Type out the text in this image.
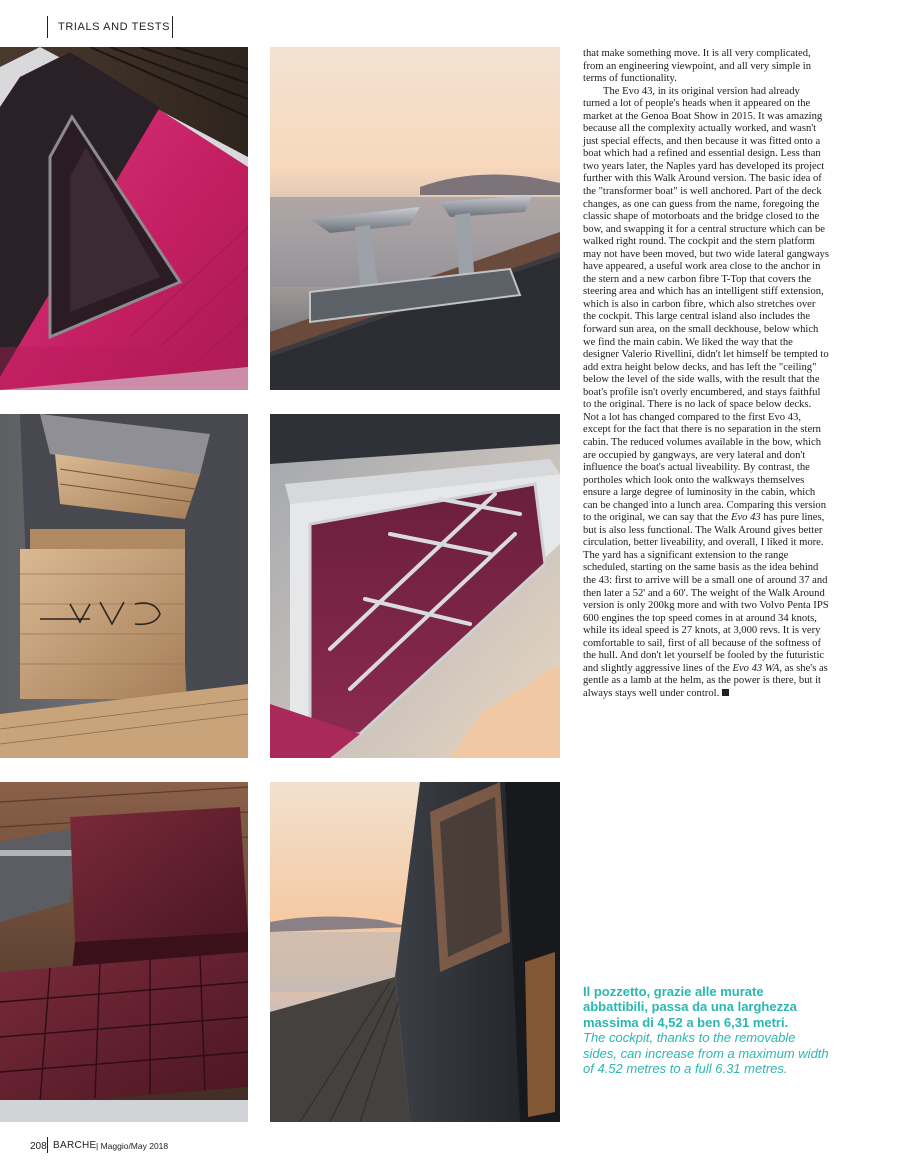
TRIALS AND TESTS

that make something move. It is all very complicated, from an engineering viewpoint, and all very simple in terms of functionality.

The Evo 43, in its original version had already turned a lot of people's heads when it appeared on the market at the Genoa Boat Show in 2015. It was amazing because all the complexity actually worked, and wasn't just special effects, and then because it was fitted onto a boat which had a refined and essential design. Less than two years later, the Naples yard has developed its project further with this Walk Around version. The basic idea of the "transformer boat" is well anchored. Part of the deck changes, as one can guess from the name, foregoing the classic shape of motorboats and the bridge closed to the bow, and swapping it for a central structure which can be walked right round. The cockpit and the stern platform may not have been moved, but two wide lateral gangways have appeared, a useful work area close to the anchor in the stern and a new carbon fibre T-Top that covers the steering area and which has an intelligent stiff extension, which is also in carbon fibre, which also stretches over the cockpit. This large central island also includes the forward sun area, on the small deckhouse, below which we find the main cabin. We liked the way that the designer Valerio Rivellini, didn't let himself be tempted to add extra height below decks, and has left the "ceiling" below the level of the side walls, with the result that the boat's profile isn't overly encumbered, and stays faithful to the original. There is no lack of space below decks. Not a lot has changed compared to the first Evo 43, except for the fact that there is no separation in the stern cabin. The reduced volumes available in the bow, which are occupied by gangways, are very lateral and don't influence the boat's actual liveability. By contrast, the portholes which look onto the walkways themselves ensure a large degree of luminosity in the cabin, which can be changed into a lunch area. Comparing this version to the original, we can say that the Evo 43 has pure lines, but is also less functional. The Walk Around gives better circulation, better liveability, and overall, I liked it more. The yard has a significant extension to the range scheduled, starting on the same basis as the idea behind the 43: first to arrive will be a small one of around 37 and then later a 52' and a 60'. The weight of the Walk Around version is only 200kg more and with two Volvo Penta IPS 600 engines the top speed comes in at around 34 knots, while its ideal speed is 27 knots, at 3,000 revs. It is very comfortable to sail, first of all because of the softness of the hull. And don't let yourself be fooled by the futuristic and slightly aggressive lines of the Evo 43 WA, as she's as gentle as a lamb at the helm, as the power is there, but it always stays well under control.

Il pozzetto, grazie alle murate abbattibili, passa da una larghezza massima di 4,52 a ben 6,31 metri.
The cockpit, thanks to the removable sides, can increase from a maximum width of 4.52 metres to a full 6.31 metres.
208 BARCHE | Maggio/May 2018
